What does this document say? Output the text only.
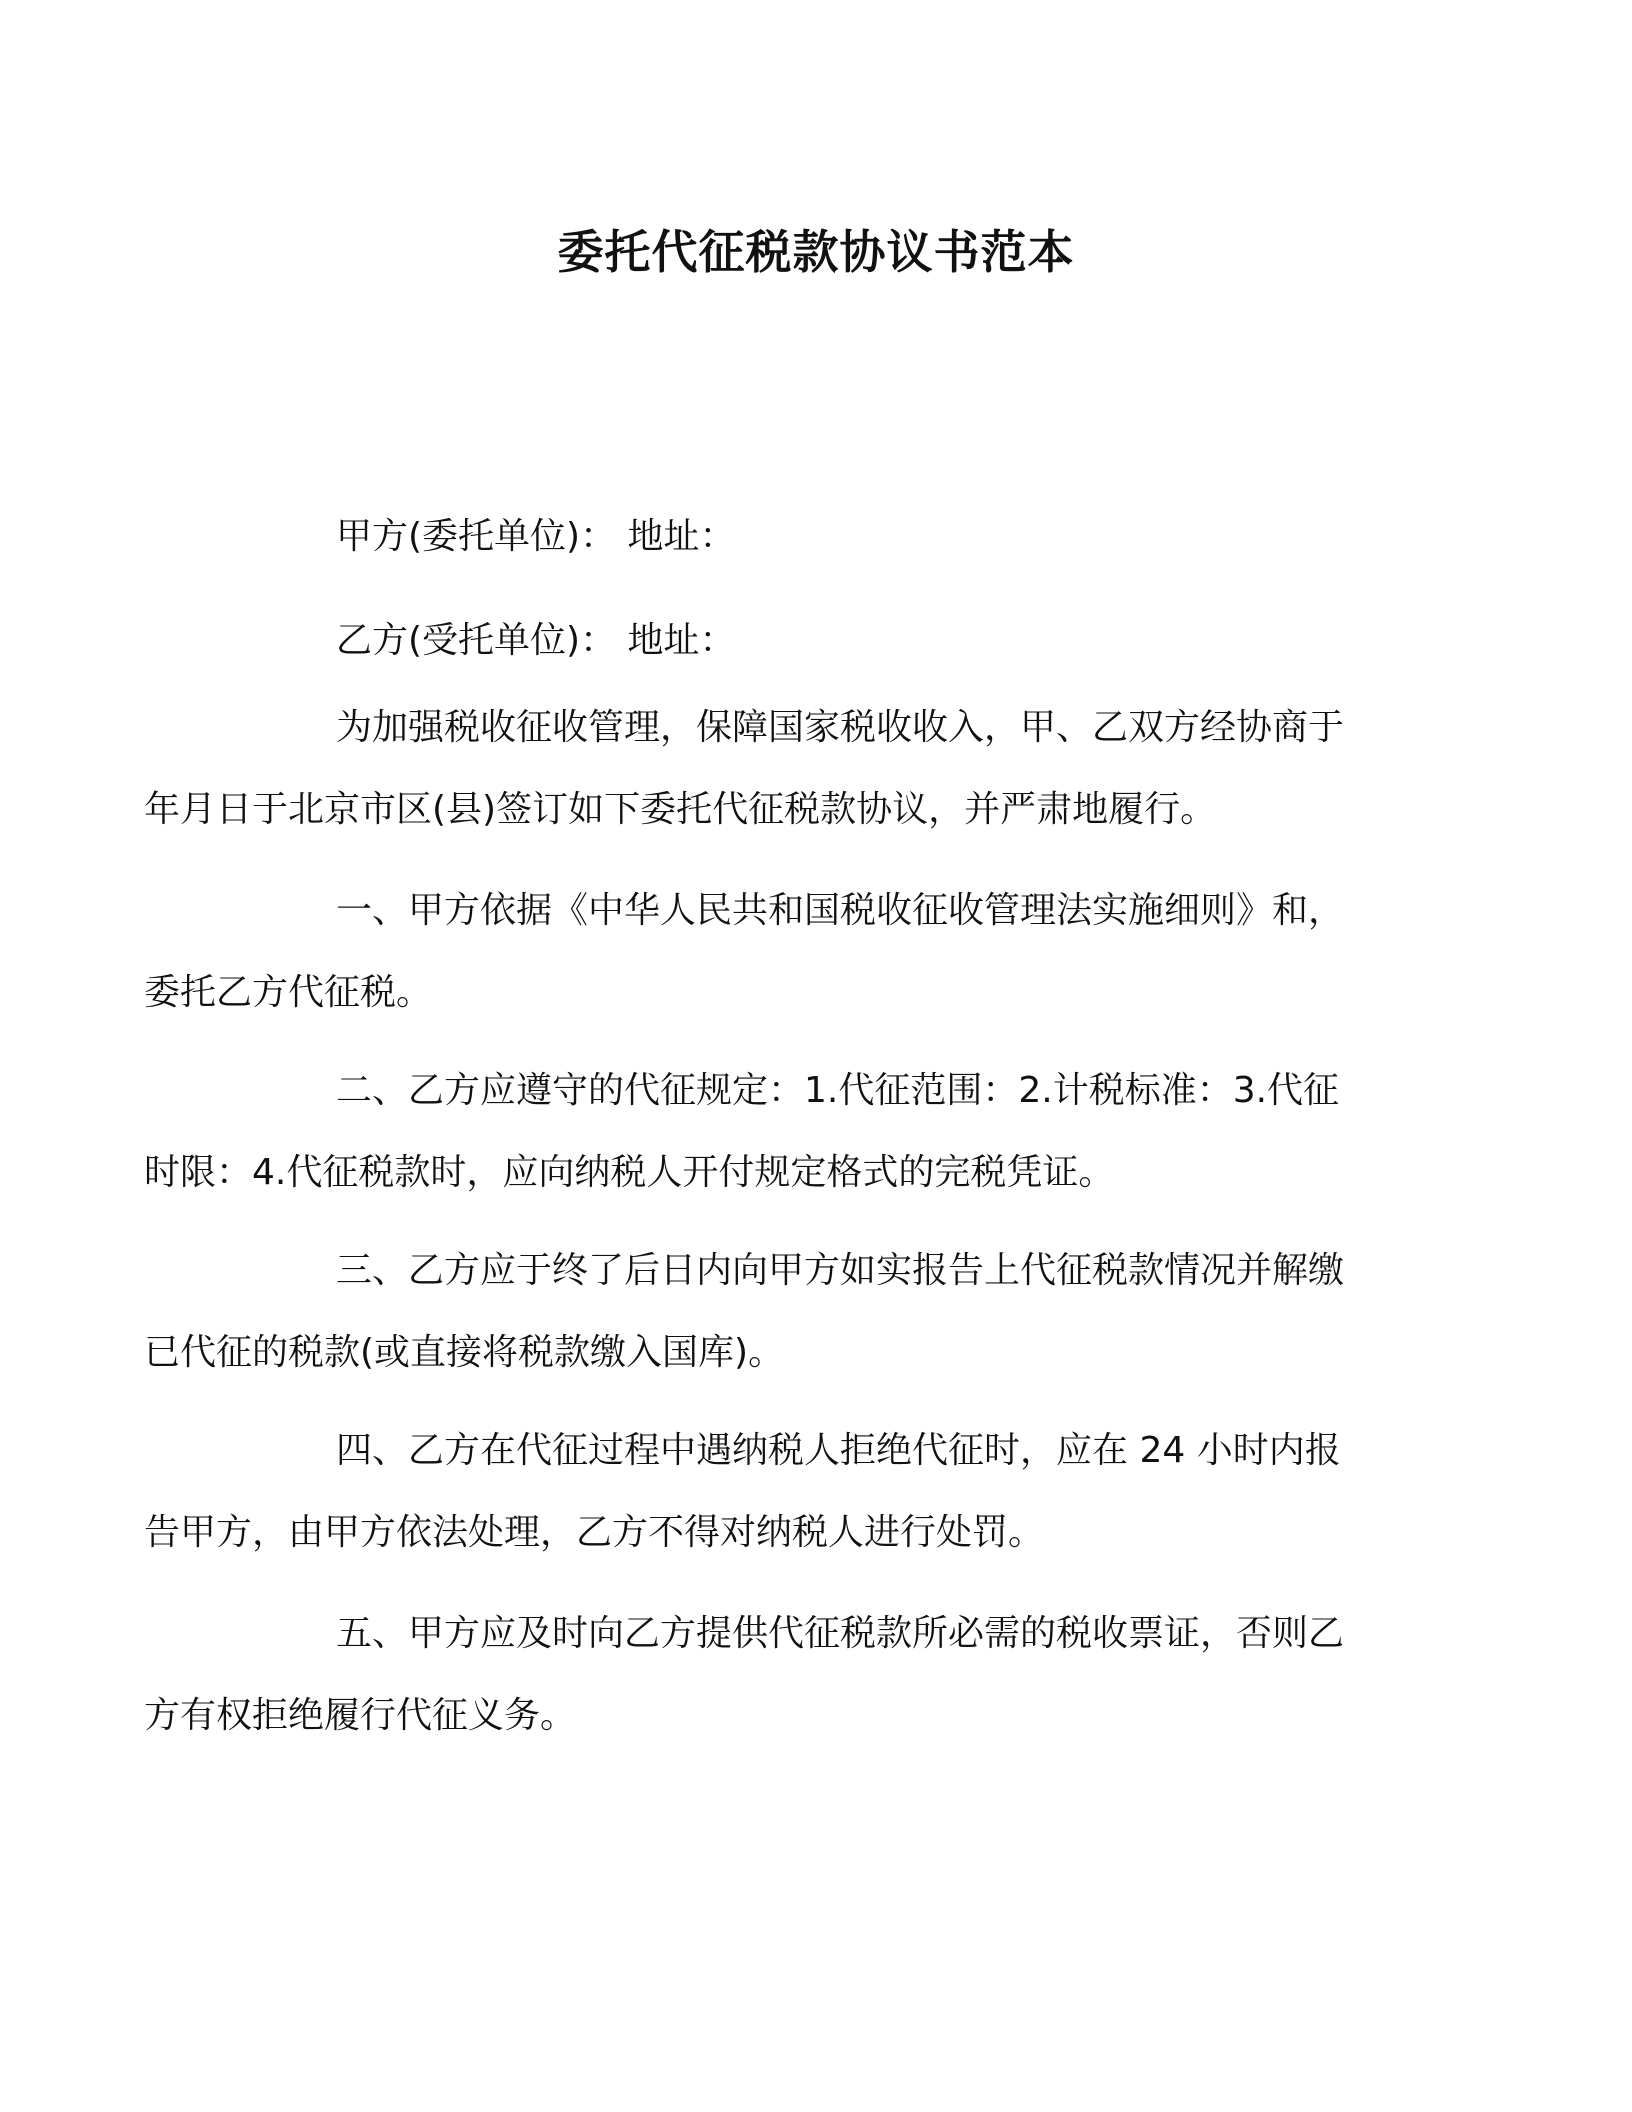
委托代征税款协议书范本

甲方(委托单位)： 地址：

乙方(受托单位)： 地址：

为加强税收征收管理，保障国家税收收入，甲、乙双方经协商于
年月日于北京市区(县)签订如下委托代征税款协议，并严肃地履行。

一、甲方依据《中华人民共和国税收征收管理法实施细则》和，
委托乙方代征税。

二、乙方应遵守的代征规定：1.代征范围：2.计税标准：3.代征
时限：4.代征税款时，应向纳税人开付规定格式的完税凭证。

三、乙方应于终了后日内向甲方如实报告上代征税款情况并解缴
已代征的税款(或直接将税款缴入国库)。

四、乙方在代征过程中遇纳税人拒绝代征时，应在 24 小时内报
告甲方，由甲方依法处理，乙方不得对纳税人进行处罚。

五、甲方应及时向乙方提供代征税款所必需的税收票证，否则乙
方有权拒绝履行代征义务。
